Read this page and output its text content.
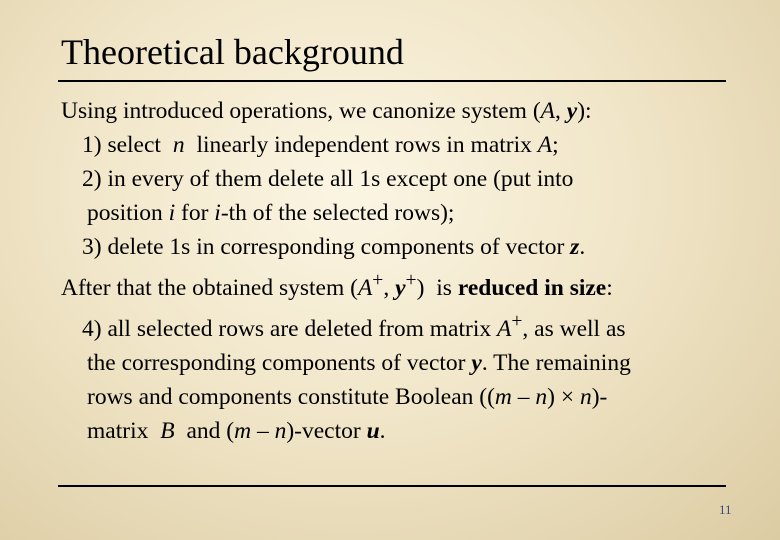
Theoretical background

Using introduced operations, we canonize system (A, y):

1) select n linearly independent rows in matrix A;

2) in every of them delete all 1s except one (put into

position i for i-th of the selected rows);

3) delete 1s in corresponding components of vector z.

After that the obtained system (A+, y+) is reduced in size:

4) all selected rows are deleted from matrix A+, as well as

the corresponding components of vector y. The remaining

rows and components constitute Boolean ((m – n) × n)-

matrix B and (m – n)-vector u.

11
